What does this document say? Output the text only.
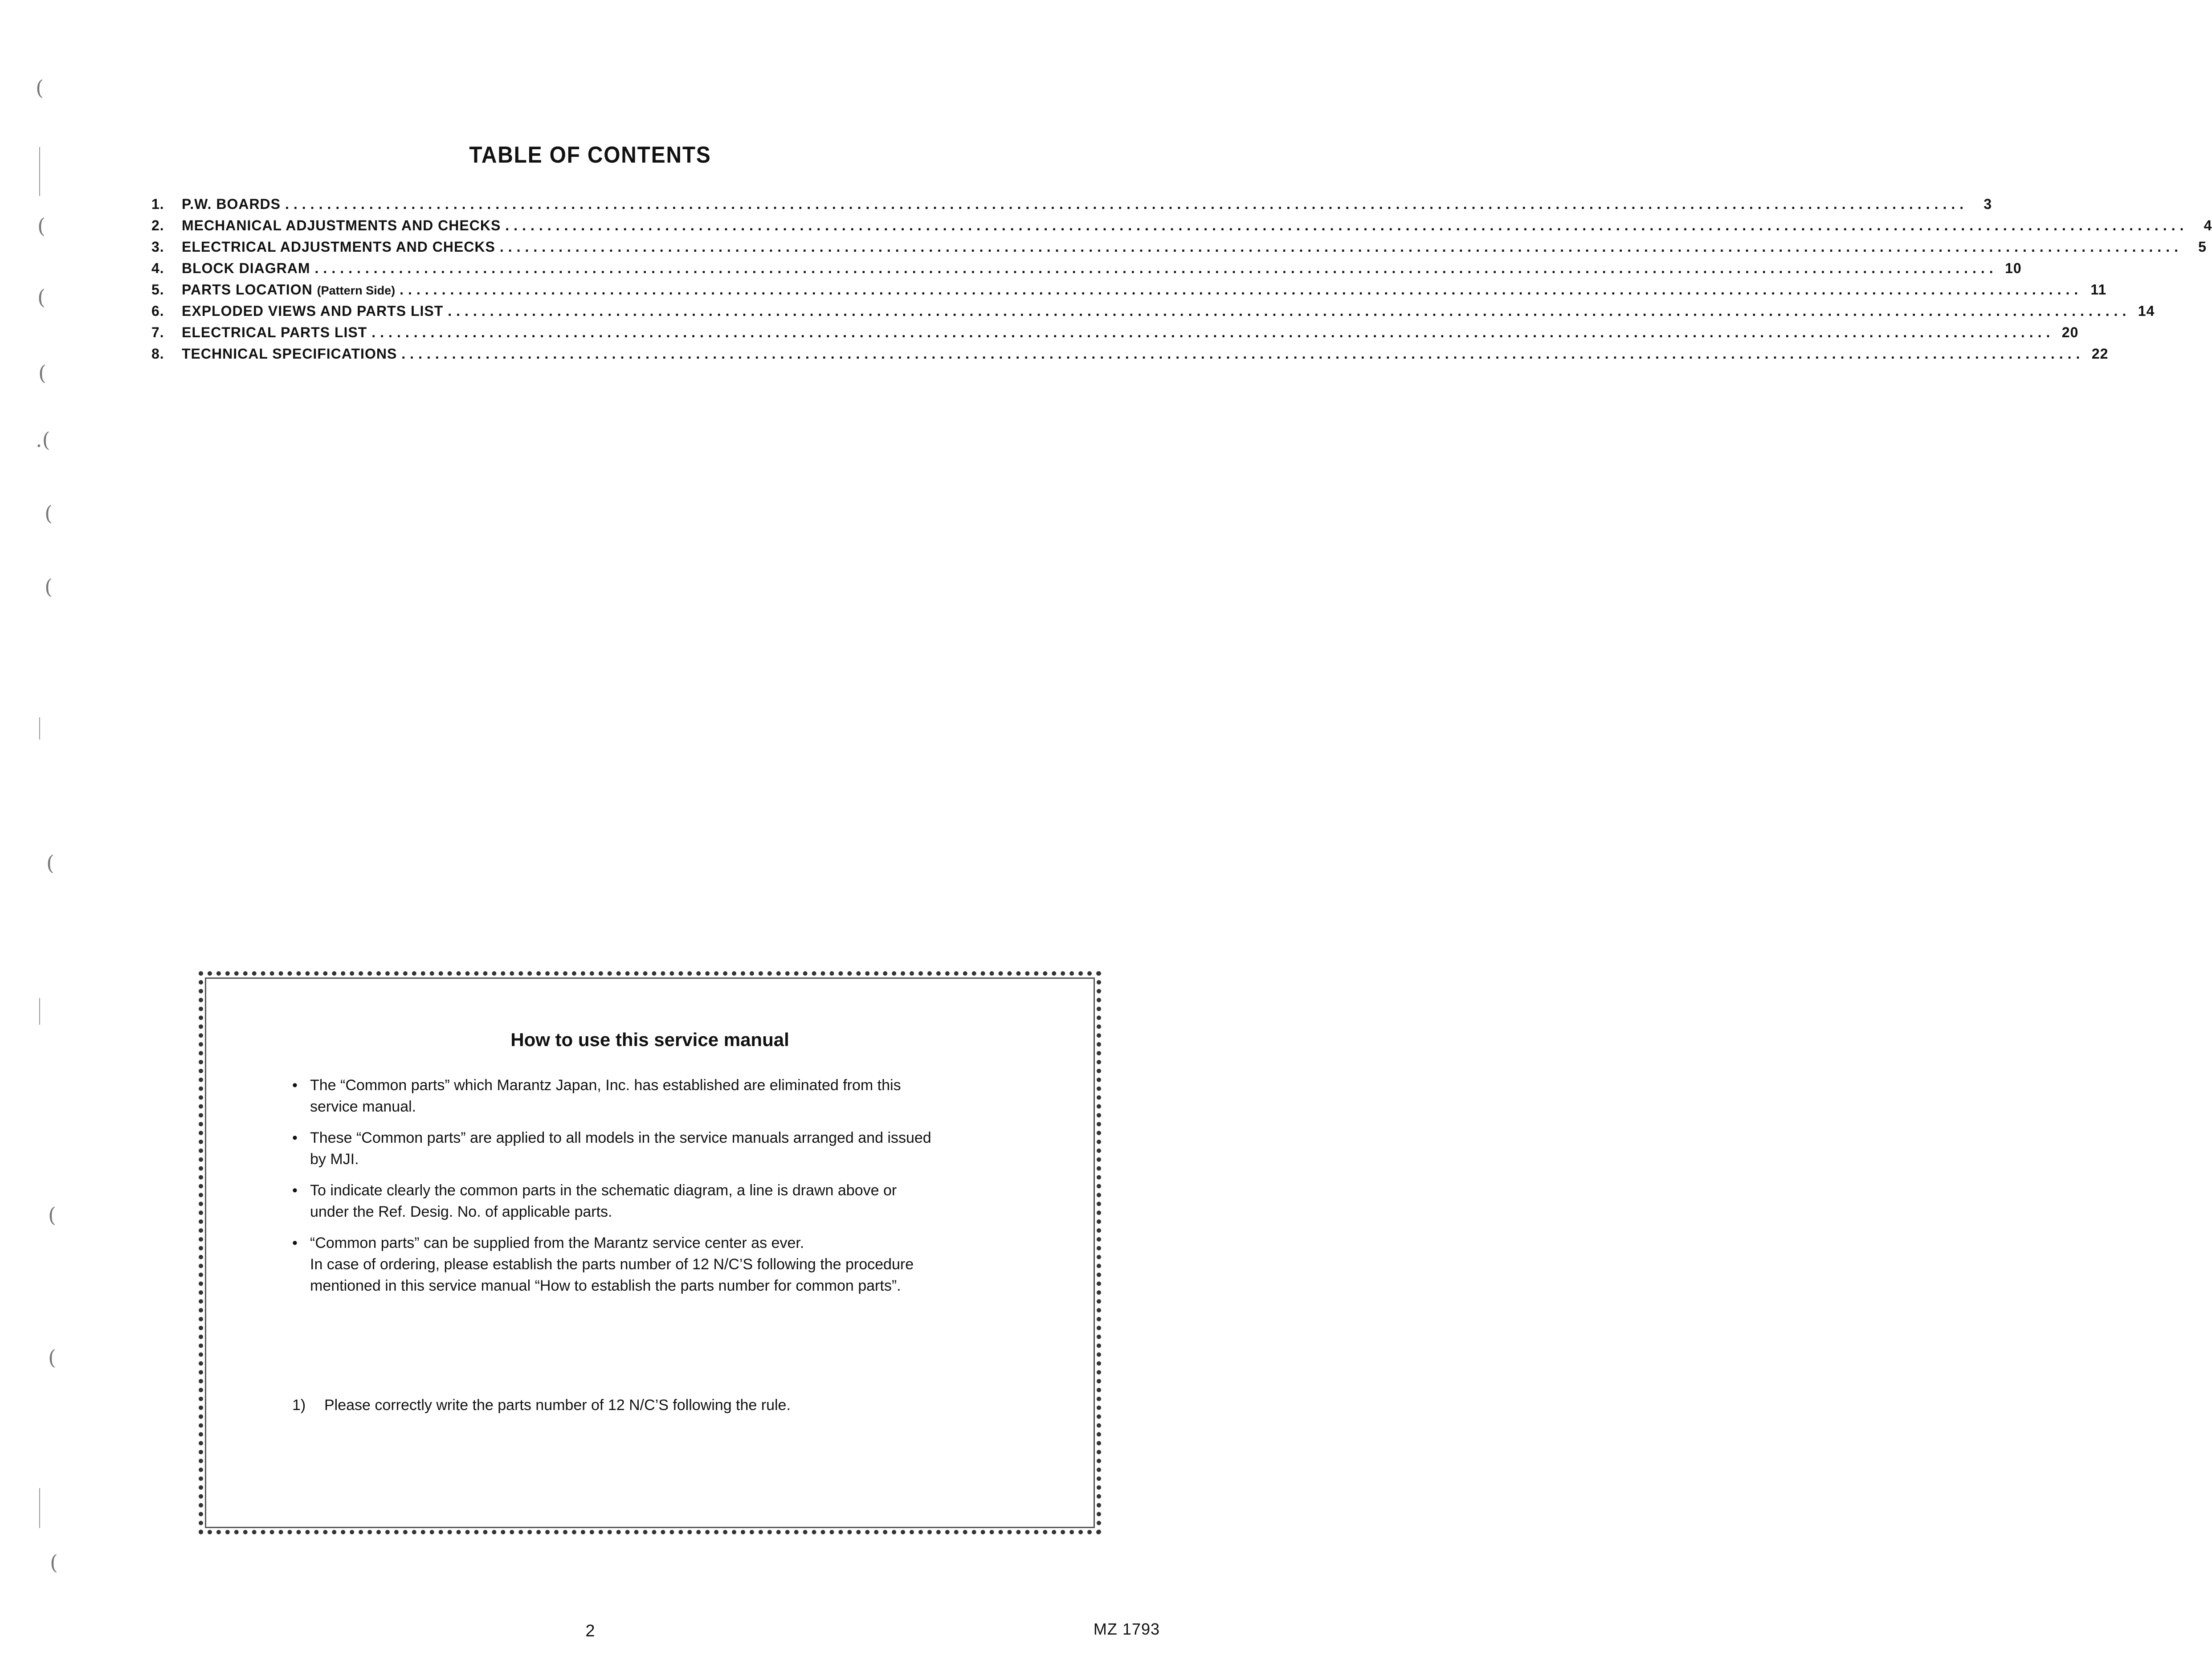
(
(
(
(
.(
(
(
(
(
(
(
TABLE OF CONTENTS
1.	P.W. BOARDS ........................................................................................................................................................................................................	3
2.	MECHANICAL ADJUSTMENTS AND CHECKS ........................................................................................................................................................................................................	4
3.	ELECTRICAL ADJUSTMENTS AND CHECKS ........................................................................................................................................................................................................	5
4.	BLOCK DIAGRAM ........................................................................................................................................................................................................ 10
5.	PARTS LOCATION (Pattern Side) ........................................................................................................................................................................................................ 11
6.	EXPLODED VIEWS AND PARTS LIST ........................................................................................................................................................................................................ 14
7.	ELECTRICAL PARTS LIST ........................................................................................................................................................................................................ 20
8.	TECHNICAL SPECIFICATIONS ........................................................................................................................................................................................................ 22
How to use this service manual
• The “Common parts” which Marantz Japan, Inc. has established are eliminated from this
service manual.
• These “Common parts” are applied to all models in the service manuals arranged and issued
by MJI.
• To indicate clearly the common parts in the schematic diagram, a line is drawn above or
under the Ref. Desig. No. of applicable parts.
• “Common parts” can be supplied from the Marantz service center as ever.
In case of ordering, please establish the parts number of 12 N/C’S following the procedure
mentioned in this service manual “How to establish the parts number for common parts”.
1) Please correctly write the parts number of 12 N/C’S following the rule.
2	MZ 1793
